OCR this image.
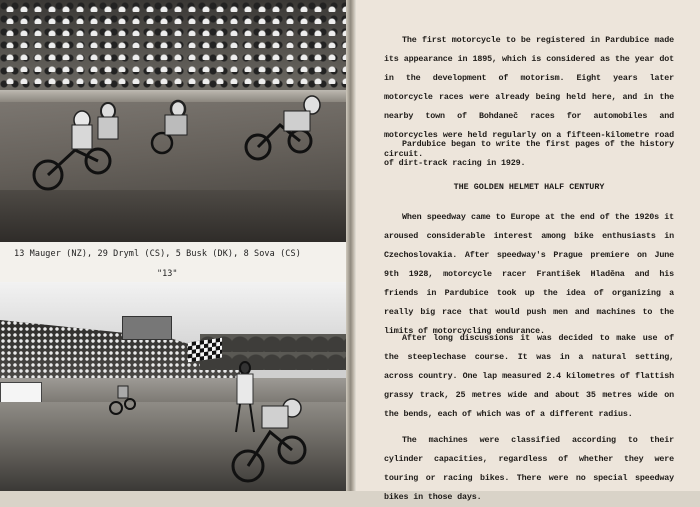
13 Mauger (NZ), 29 Dryml (CS), 5 Busk (DK), 8 Sova (CS)
"13"
The first motorcycle to be registered in Pardubice made its appearance in 1895, which is considered as the year dot in the development of motorism. Eight years later motorcycle races were already being held here, and in the nearby town of Bohdaneč races for automobiles and motorcycles were held regularly on a fifteen-kilometre road circuit.
Pardubice began to write the first pages of the history of dirt-track racing in 1929.
THE GOLDEN HELMET HALF CENTURY
When speedway came to Europe at the end of the 1920s it aroused considerable interest among bike enthusiasts in Czechoslovakia. After speedway's Prague premiere on June 9th 1928, motorcycle racer František Hladěna and his friends in Pardubice took up the idea of organizing a really big race that would push men and machines to the limits of motorcycling endurance.
After long discussions it was decided to make use of the steeplechase course. It was in a natural setting, across country. One lap measured 2.4 kilometres of flattish grassy track, 25 metres wide and about 35 metres wide on the bends, each of which was of a different radius.
The machines were classified according to their cylinder capacities, regardless of whether they were touring or racing bikes. There were no special speedway bikes in those days.
